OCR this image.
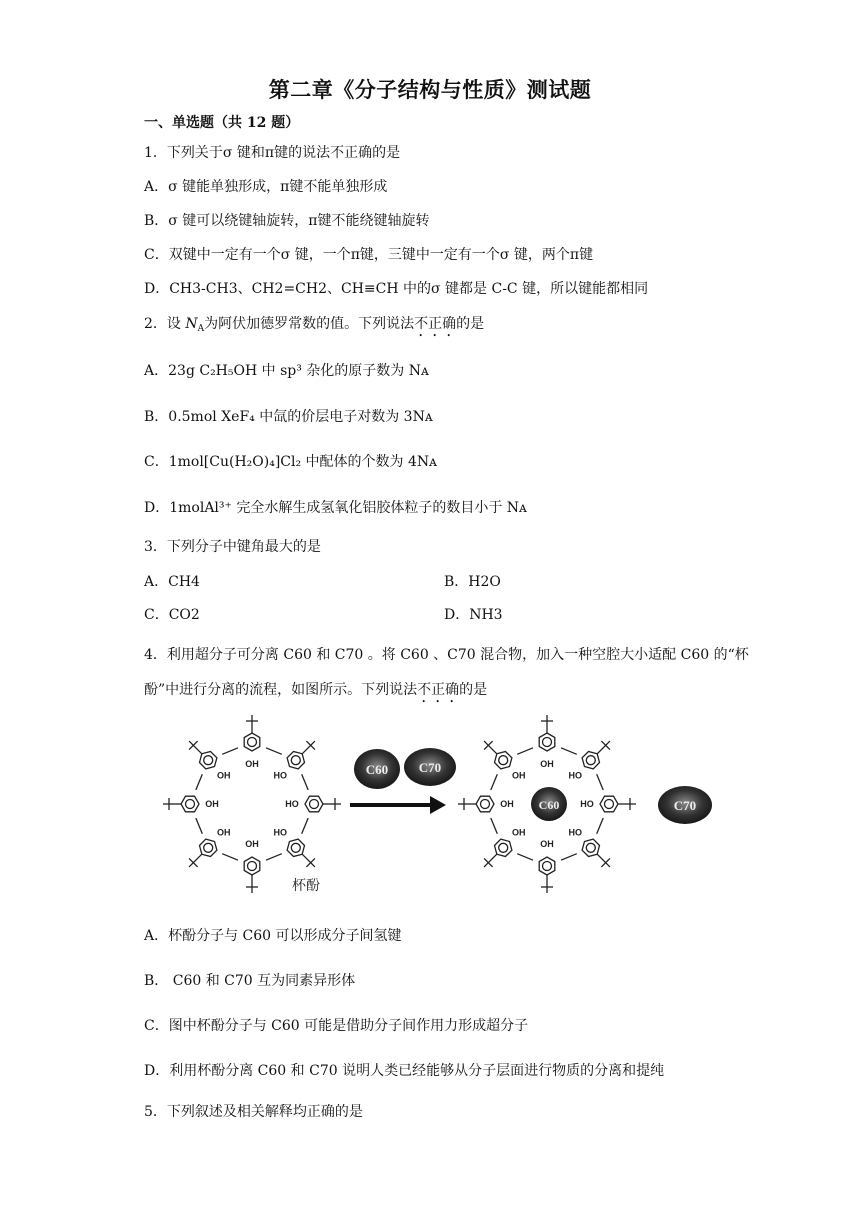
第二章《分子结构与性质》测试题
一、单选题（共 12 题）
1．下列关于σ 键和π键的说法不正确的是
A．σ 键能单独形成，π键不能单独形成
B．σ 键可以绕键轴旋转，π键不能绕键轴旋转
C．双键中一定有一个σ 键，一个π键，三键中一定有一个σ 键，两个π键
D．CH3-CH3、CH2=CH2、CH≡CH 中的σ 键都是 C-C 键，所以键能都相同
2．设 $N_A$为阿伏加德罗常数的值。下列说法不正确的是
A．23g C₂H₅OH 中 sp³ 杂化的原子数为 Nᴀ
B．0.5mol XeF₄ 中氙的价层电子对数为 3Nᴀ
C．1mol[Cu(H₂O)₄]Cl₂ 中配体的个数为 4Nᴀ
D．1molAl³⁺ 完全水解生成氢氧化铝胶体粒子的数目小于 Nᴀ
3．下列分子中键角最大的是
A．CH4	B．H2O
C．CO2	D．NH3
4．利用超分子可分离 C60 和 C70 。将 C60 、C70 混合物，加入一种空腔大小适配 C60 的“杯
酚”中进行分离的流程，如图所示。下列说法不正确的是
OH
HO
HO
HO
OH
OH
OH
OH
OH
HO
HO
HO
OH
OH
OH
OH
C60 C70
C60	C70
杯酚
A．杯酚分子与 C60 可以形成分子间氢键
B． C60 和 C70 互为同素异形体
C．图中杯酚分子与 C60 可能是借助分子间作用力形成超分子
D．利用杯酚分离 C60 和 C70 说明人类已经能够从分子层面进行物质的分离和提纯
5．下列叙述及相关解释均正确的是
